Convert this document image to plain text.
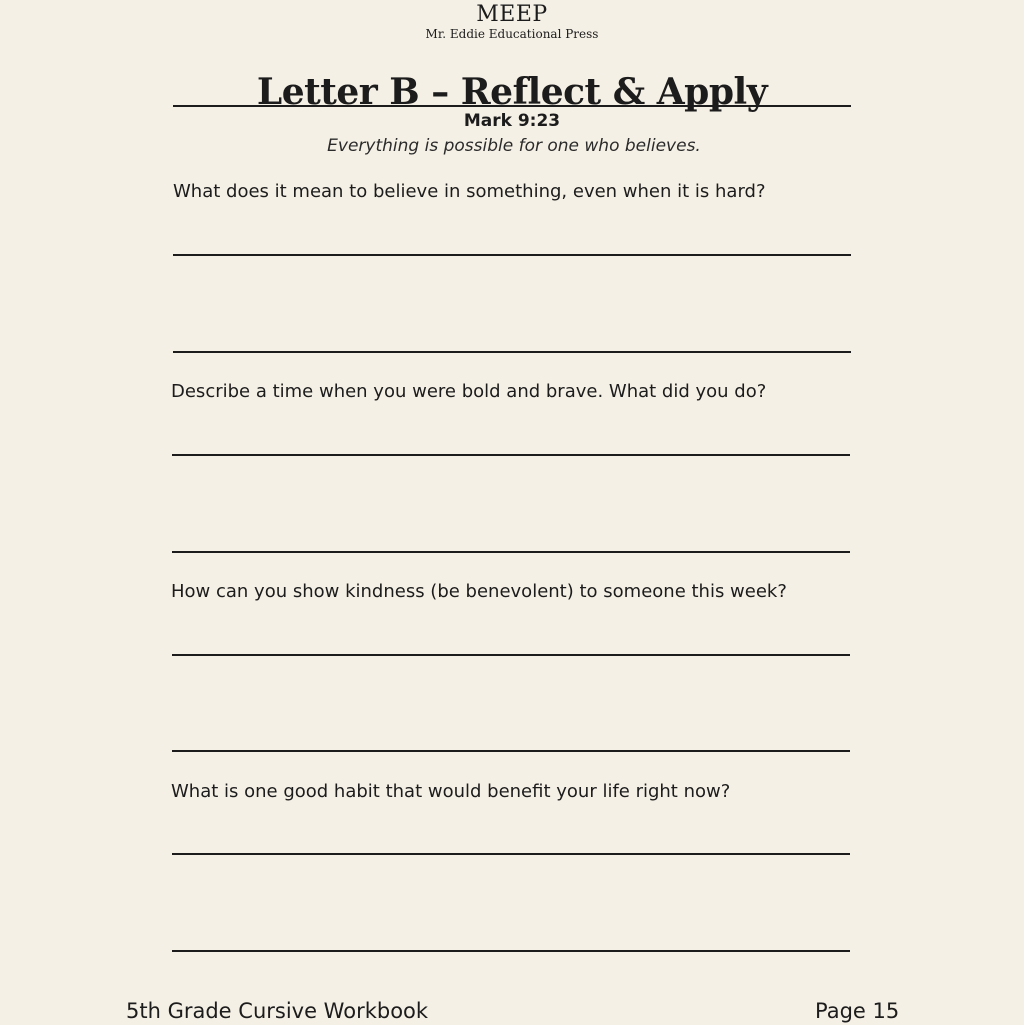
MEEP
Mr. Eddie Educational Press
Letter B – Reflect & Apply
Mark 9:23
Everything is possible for one who believes.
What does it mean to believe in something, even when it is hard?
Describe a time when you were bold and brave. What did you do?
How can you show kindness (be benevolent) to someone this week?
What is one good habit that would benefit your life right now?
5th Grade Cursive Workbook	Page 15
